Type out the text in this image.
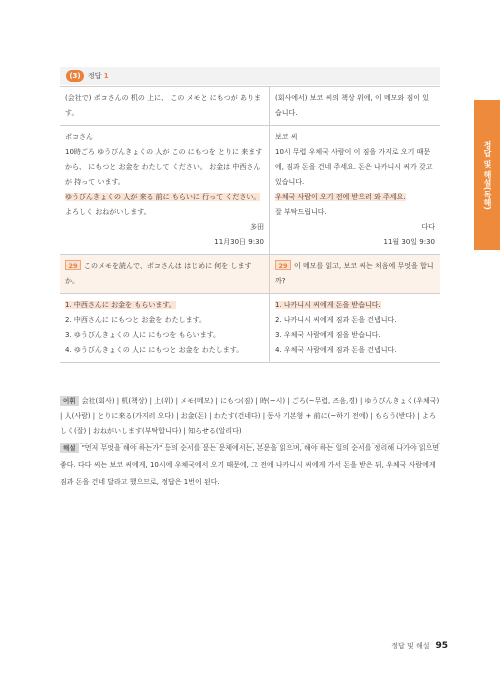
(3)	정답 1
(会社で) ポコさんの 机の 上に、 この メモと にもつが あります。
(회사에서) 보코 씨의 책상 위에, 이 메모와 짐이 있습니다.
ポコさん
10時ごろ ゆうびんきょくの 人が この にもつを とりに 来ますから、 にもつと お金を わたして ください。 お金は 中西さんが 持って います。
ゆうびんきょくの 人が 来る 前に もらいに 行って ください。
よろしく おねがいします。
多田
11月30日 9:30
보코 씨
10시 무렵 우체국 사람이 이 짐을 가지로 오기 때문에, 짐과 돈을 건네 주세요. 돈은 나카니시 씨가 갖고 있습니다.
우체국 사람이 오기 전에 받으러 와 주세요.
잘 부탁드립니다.
다다
11월 30일 9:30
29 このメモを読んで、ポコさんは はじめに 何を しますか。
29 이 메모를 읽고, 보코 씨는 처음에 무엇을 합니까?
1. 中西さんに お金を もらいます。
2. 中西さんに にもつと お金を わたします。
3. ゆうびんきょくの 人に にもつを もらいます。
4. ゆうびんきょくの 人に にもつと お金を わたします。
1. 나카니시 씨에게 돈을 받습니다.
2. 나카니시 씨에게 짐과 돈을 건넵니다.
3. 우체국 사람에게 짐을 받습니다.
4. 우체국 사람에게 짐과 돈을 건넵니다.
어휘 会社(회사) | 机(책상) | 上(위) | メモ(메모) | にもつ(짐) | 時(~시) | ごろ(~무렵, 즈음,경) | ゆうびんきょく(우체국) | 人(사람) | とりに来る(가지러 오다) | お金(돈) | わたす(건네다) | 동사 기본형 + 前に(~하기 전에) | もらう(받다) | よろしく(잘) | おねがいします(부탁합니다) | 知らせる(알리다)
해설 "먼저 무엇을 해야 하는가" 등의 순서를 묻는 문제에서는, 본문을 읽으며, 해야 하는 일의 순서를 정리해 나가야 읽으면 좋다. 다다 씨는 보코 씨에게, 10시에 우체국에서 오기 때문에, 그 전에 나카니시 씨에게 가서 돈을 받은 뒤, 우체국 사람에게 짐과 돈을 건네 달라고 했으므로, 정답은 1번이 된다.
정답 및 해설(독해)
정답 및 해설 95
